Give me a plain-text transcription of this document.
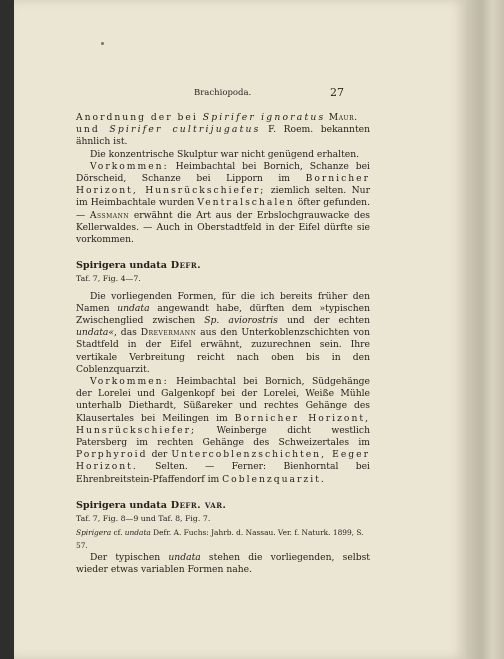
Brachiopoda.	27

Anordnung der bei Spirifer ignoratus Maur.
und Spirifer cultrijugatus F. Roem. bekannten ähnlich ist.

Die konzentrische Skulptur war nicht genügend erhalten.

Vorkommen: Heimbachtal bei Bornich, Schanze bei Dörscheid, Schanze bei Lipporn im Bornicher Horizont, Hunsrückschiefer; ziemlich selten. Nur im Heimbachtale wurden Ventralschalen öfter gefunden. — Assmann erwähnt die Art aus der Erbslochgrauwacke des Kellerwaldes. — Auch in Oberstadtfeld in der Eifel dürfte sie vorkommen.

Spirigera undata Defr.

Taf. 7, Fig. 4—7.

Die vorliegenden Formen, für die ich bereits früher den Namen undata angewandt habe, dürften dem »typischen Zwischenglied zwischen Sp. aviorostris und der echten undata«, das Drevermann aus den Unterkoblenzschichten von Stadtfeld in der Eifel erwähnt, zuzurechnen sein. Ihre vertikale Verbreitung reicht nach oben bis in den Coblenzquarzit.

Vorkommen: Heimbachtal bei Bornich, Südgehänge der Lorelei und Galgenkopf bei der Lorelei, Weiße Mühle unterhalb Diethardt, Süßareker und rechtes Gehänge des Klausertales bei Meilingen im Bornicher Horizont, Hunsrückschiefer; Weinberge dicht westlich Patersberg im rechten Gehänge des Schweizertales im Porphyroid der Untercoblenzschichten, Eeger Horizont. Selten. — Ferner: Bienhorntal bei Ehrenbreitstein-Pfaffendorf im Coblenzquarzit.

Spirigera undata Defr. var.

Taf. 7, Fig. 8—9 und Taf. 8, Fig. 7.

Spirigera cf. undata Defr. A. Fuchs: Jahrb. d. Nassau. Ver. f. Naturk. 1899, S. 57.

Der typischen undata stehen die vorliegenden, selbst wieder etwas variablen Formen nahe.
